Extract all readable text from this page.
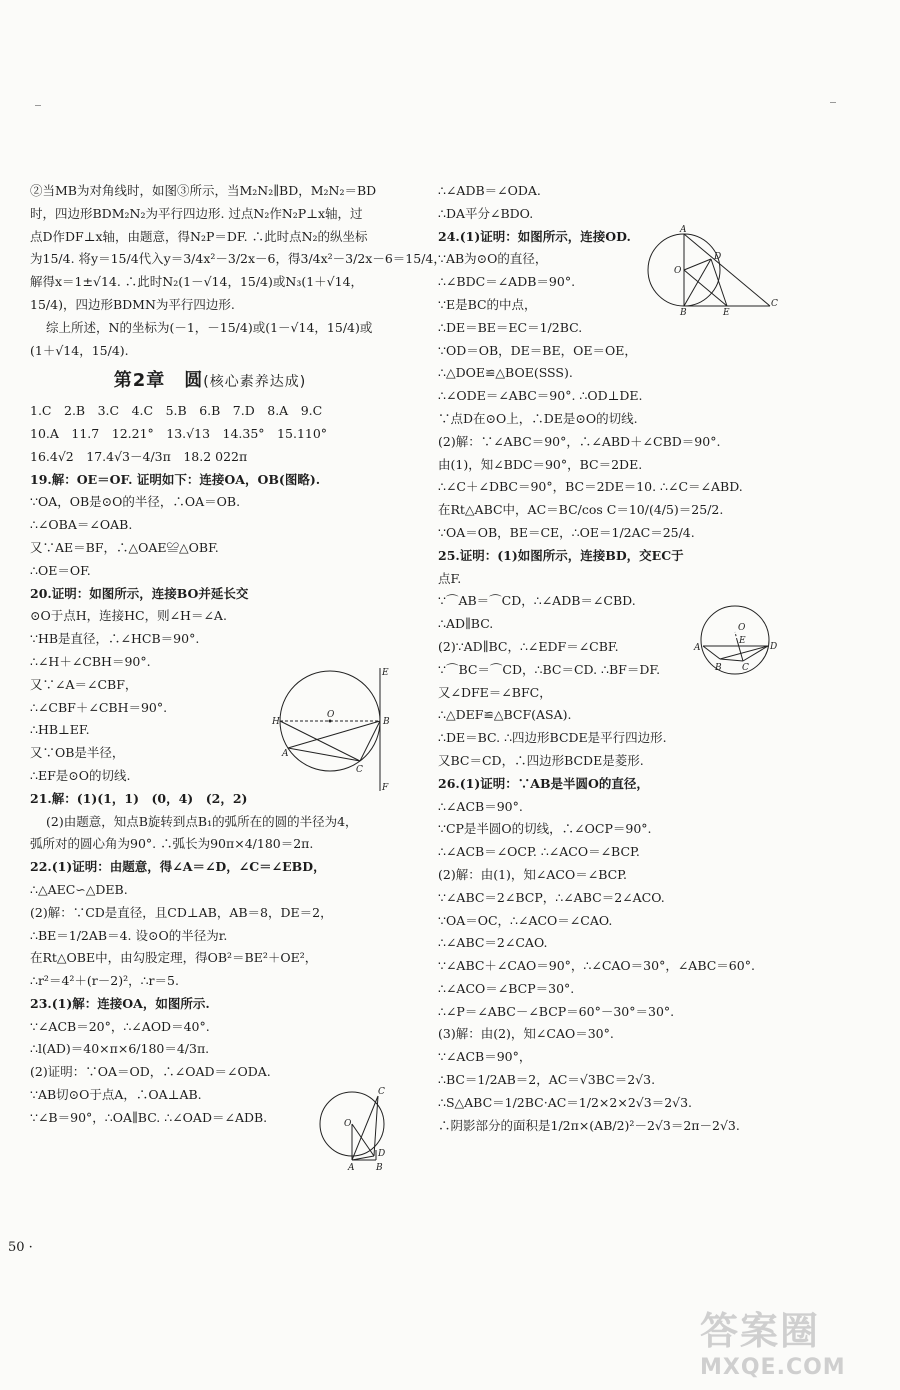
②当MB为对角线时，如图③所示，当M₂N₂∥BD，M₂N₂＝BD
时，四边形BDM₂N₂为平行四边形. 过点N₂作N₂P⊥x轴，过
点D作DF⊥x轴，由题意，得N₂P＝DF. ∴此时点N₂的纵坐标
为15/4. 将y＝15/4代入y＝3/4x²－3/2x－6，得3/4x²－3/2x－6＝15/4，
解得x＝1±√14. ∴此时N₂(1－√14，15/4)或N₃(1＋√14，
15/4)，四边形BDMN为平行四边形.
综上所述，N的坐标为(－1，－15/4)或(1－√14，15/4)或
(1＋√14，15/4).
第2章　圆(核心素养达成)
1.C　2.B　3.C　4.C　5.B　6.B　7.D　8.A　9.C
10.A　11.7　12.21°　13.√13　14.35°　15.110°
16.4√2　17.4√3－4/3π　18.2 022π
19.解：OE＝OF. 证明如下：连接OA，OB(图略).
∵OA，OB是⊙O的半径，∴OA＝OB.
∴∠OBA＝∠OAB.
又∵AE＝BF，∴△OAE≌△OBF.
∴OE＝OF.
20.证明：如图所示，连接BO并延长交
⊙O于点H，连接HC，则∠H＝∠A.
∵HB是直径，∴∠HCB＝90°.
∴∠H＋∠CBH＝90°.
又∵∠A＝∠CBF，
∴∠CBF＋∠CBH＝90°.
∴HB⊥EF.
又∵OB是半径，
∴EF是⊙O的切线.
21.解：(1)(1，1)　(0，4)　(2，2)
(2)由题意，知点B旋转到点B₁的弧所在的圆的半径为4，
弧所对的圆心角为90°. ∴弧长为90π×4/180＝2π.
22.(1)证明：由题意，得∠A＝∠D，∠C＝∠EBD，
∴△AEC∽△DEB.
(2)解：∵CD是直径，且CD⊥AB，AB＝8，DE＝2，
∴BE＝1/2AB＝4. 设⊙O的半径为r.
在Rt△OBE中，由勾股定理，得OB²＝BE²＋OE²，
∴r²＝4²＋(r－2)²，∴r＝5.
23.(1)解：连接OA，如图所示.
∵∠ACB＝20°，∴∠AOD＝40°.
∴l(AD)＝40×π×6/180＝4/3π.
(2)证明：∵OA＝OD，∴∠OAD＝∠ODA.
∵AB切⊙O于点A，∴OA⊥AB.
∵∠B＝90°，∴OA∥BC. ∴∠OAD＝∠ADB.
∴∠ADB＝∠ODA.
∴DA平分∠BDO.
24.(1)证明：如图所示，连接OD.
∵AB为⊙O的直径，
∴∠BDC＝∠ADB＝90°.
∵E是BC的中点，
∴DE＝BE＝EC＝1/2BC.
∵OD＝OB，DE＝BE，OE＝OE，
∴△DOE≌△BOE(SSS).
∴∠ODE＝∠ABC＝90°. ∴OD⊥DE.
∵点D在⊙O上，∴DE是⊙O的切线.
(2)解：∵∠ABC＝90°，∴∠ABD＋∠CBD＝90°.
由(1)，知∠BDC＝90°，BC＝2DE.
∴∠C＋∠DBC＝90°，BC＝2DE＝10. ∴∠C＝∠ABD.
在Rt△ABC中，AC＝BC/cos C＝10/(4/5)＝25/2.
∵OA＝OB，BE＝CE，∴OE＝1/2AC＝25/4.
25.证明：(1)如图所示，连接BD，交EC于
点F.
∵⌒AB＝⌒CD，∴∠ADB＝∠CBD.
∴AD∥BC.
(2)∵AD∥BC，∴∠EDF＝∠CBF.
∵⌒BC＝⌒CD，∴BC＝CD. ∴BF＝DF.
又∠DFE＝∠BFC，
∴△DEF≌△BCF(ASA).
∴DE＝BC. ∴四边形BCDE是平行四边形.
又BC＝CD，∴四边形BCDE是菱形.
26.(1)证明：∵AB是半圆O的直径，
∴∠ACB＝90°.
∵CP是半圆O的切线，∴∠OCP＝90°.
∴∠ACB＝∠OCP. ∴∠ACO＝∠BCP.
(2)解：由(1)，知∠ACO＝∠BCP.
∵∠ABC＝2∠BCP，∴∠ABC＝2∠ACO.
∵OA＝OC，∴∠ACO＝∠CAO.
∴∠ABC＝2∠CAO.
∵∠ABC＋∠CAO＝90°，∴∠CAO＝30°，∠ABC＝60°.
∴∠ACO＝∠BCP＝30°.
∴∠P＝∠ABC－∠BCP＝60°－30°＝30°.
(3)解：由(2)，知∠CAO＝30°.
∵∠ACB＝90°，
∴BC＝1/2AB＝2，AC＝√3BC＝2√3.
∴S△ABC＝1/2BC·AC＝1/2×2×2√3＝2√3.
∴阴影部分的面积是1/2π×(AB/2)²－2√3＝2π－2√3.
E
H
O
B
A
C
F
A
O
D
B	E
C
O
E
A	D
B C
C
O
A B
D
50 ·
答案圈
MXQE.COM
